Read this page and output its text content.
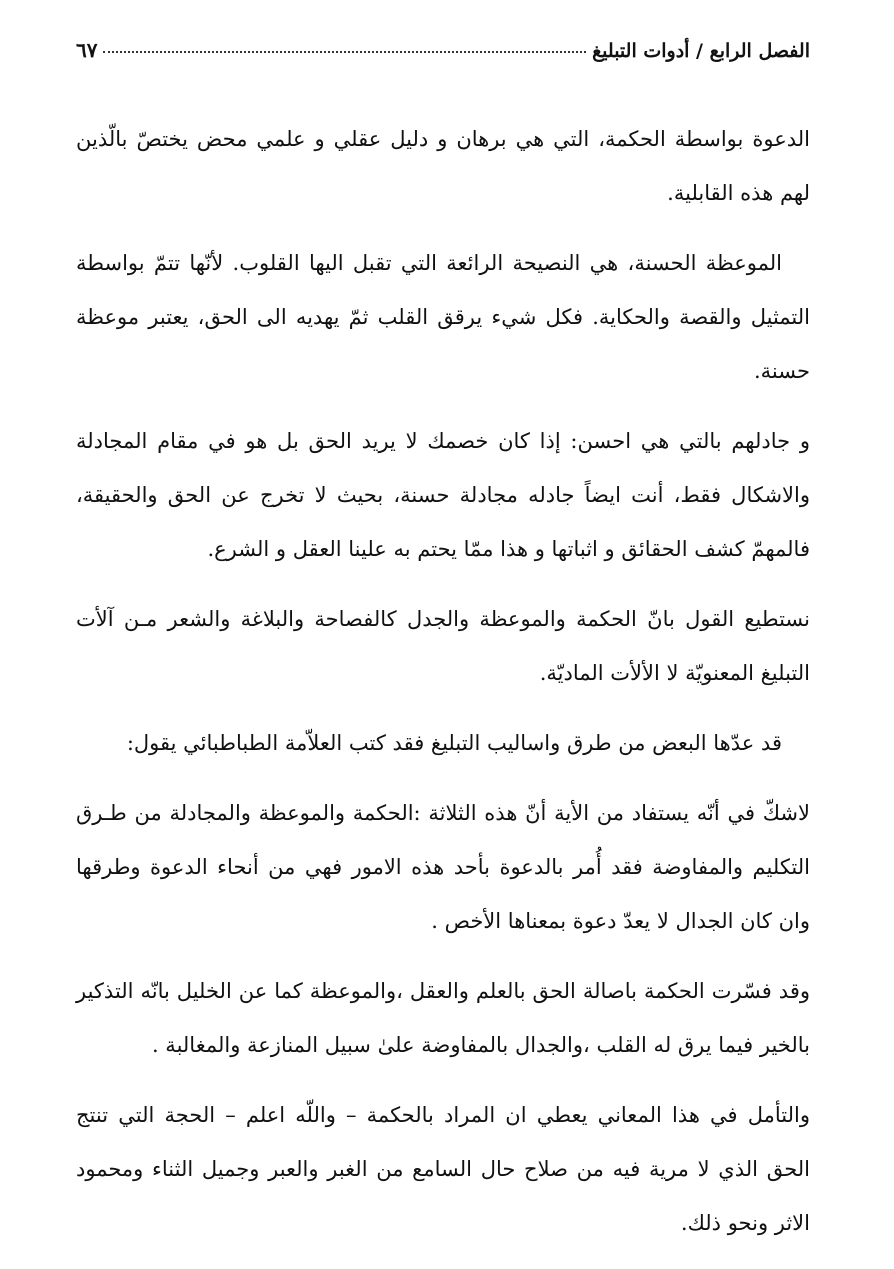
الفصل الرابع / أدوات التبليغ
٦٧

الدعوة بواسطة الحكمة، التي هي برهان و دليل عقلي و علمي محض يختصّ بالّذين لهم هذه القابلية.

الموعظة الحسنة، هي النصيحة الرائعة التي تقبل اليها القلوب. لأنّها تتمّ بواسطة التمثيل والقصة والحكاية. فكل شيء يرقق القلب ثمّ يهديه الى الحق، يعتبر موعظة حسنة.

و جادلهم بالتي هي احسن: إذا كان خصمك لا يريد الحق بل هو في مقام المجادلة والاشكال فقط، أنت ايضاً جادله مجادلة حسنة، بحيث لا تخرج عن الحق والحقيقة، فالمهمّ كشف الحقائق و اثباتها و هذا ممّا يحتم به علينا العقل و الشرع.

نستطيع القول بانّ الحكمة والموعظة والجدل كالفصاحة والبلاغة والشعر مـن آلأت التبليغ المعنويّة لا الألأت الماديّة.

قد عدّها البعض من طرق واساليب التبليغ فقد كتب العلاّمة الطباطبائي يقول:

لاشكّ في أنّه يستفاد من الأية أنّ هذه الثلاثة :الحكمة والموعظة والمجادلة من طـرق التكليم والمفاوضة فقد أُمر بالدعوة بأحد هذه الامور فهي من أنحاء الدعوة وطرقها وان كان الجدال لا يعدّ دعوة بمعناها الأخص .

وقد فسّرت الحكمة باصالة الحق بالعلم والعقل ،والموعظة كما عن الخليل بانّه التذكير بالخير فيما يرق له القلب ،والجدال بالمفاوضة علىٰ سبيل المنازعة والمغالبة .

والتأمل في هذا المعاني يعطي ان المراد بالحكمة – واللّه اعلم – الحجة التي تنتج الحق الذي لا مرية فيه من صلاح حال السامع من الغبر والعبر وجميل الثناء ومحمود الاثر ونحو ذلك.
